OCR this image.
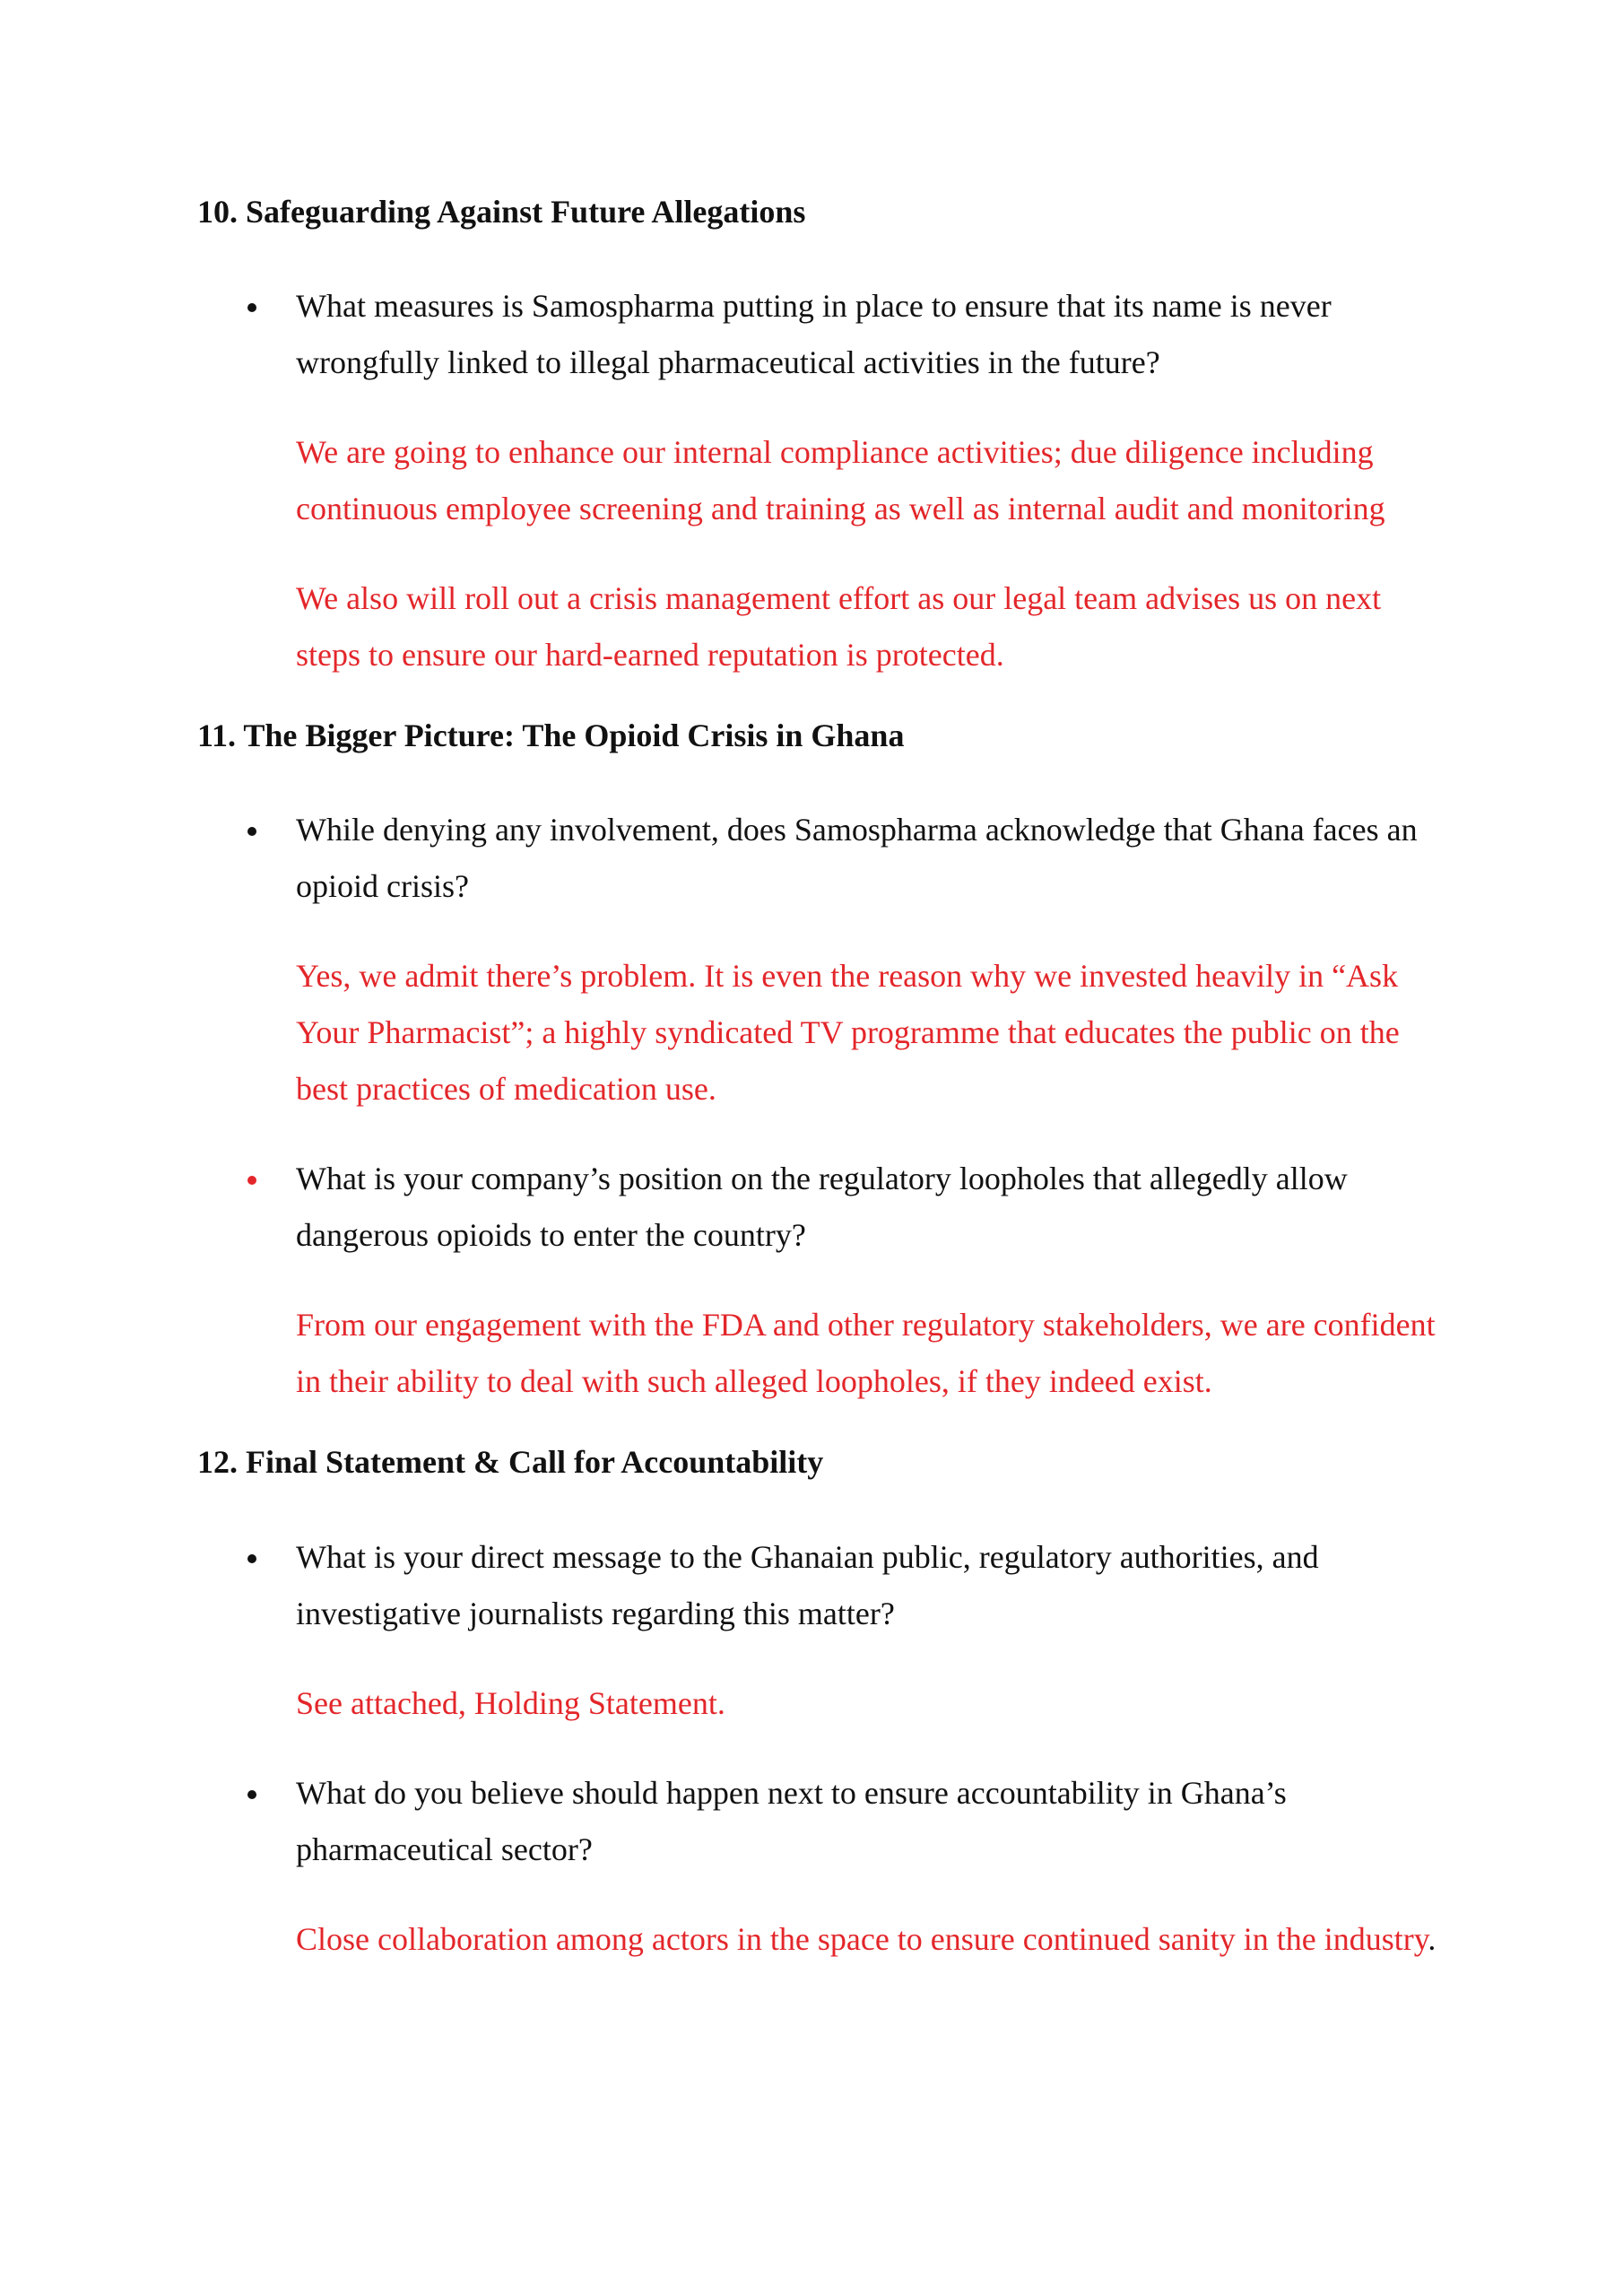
10. Safeguarding Against Future Allegations

What measures is Samospharma putting in place to ensure that its name is never wrongfully linked to illegal pharmaceutical activities in the future?

We are going to enhance our internal compliance activities; due diligence including continuous employee screening and training as well as internal audit and monitoring

We also will roll out a crisis management effort as our legal team advises us on next steps to ensure our hard-earned reputation is protected.

11. The Bigger Picture: The Opioid Crisis in Ghana

While denying any involvement, does Samospharma acknowledge that Ghana faces an opioid crisis?

Yes, we admit there’s problem. It is even the reason why we invested heavily in “Ask Your Pharmacist”; a highly syndicated TV programme that educates the public on the best practices of medication use.

What is your company’s position on the regulatory loopholes that allegedly allow dangerous opioids to enter the country?

From our engagement with the FDA and other regulatory stakeholders, we are confident in their ability to deal with such alleged loopholes, if they indeed exist.

12. Final Statement & Call for Accountability

What is your direct message to the Ghanaian public, regulatory authorities, and investigative journalists regarding this matter?

See attached, Holding Statement.

What do you believe should happen next to ensure accountability in Ghana’s pharmaceutical sector?

Close collaboration among actors in the space to ensure continued sanity in the industry.
